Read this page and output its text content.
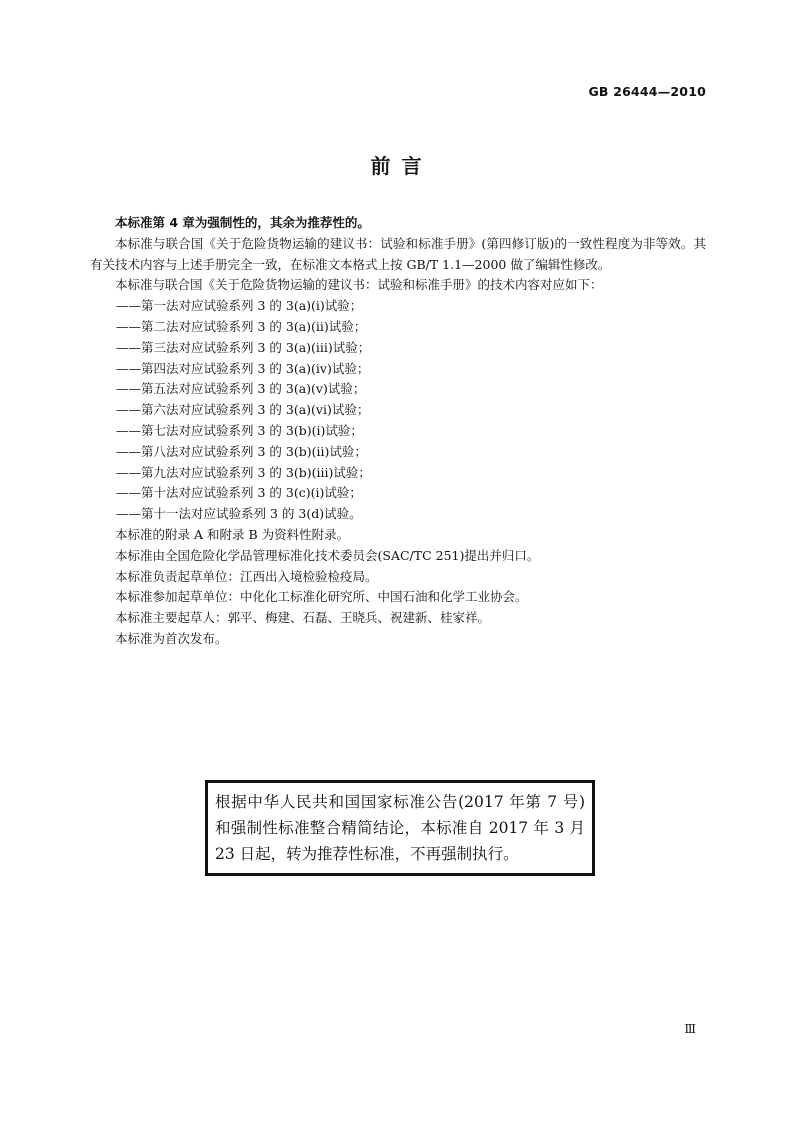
GB 26444—2010
前 言

本标准第 4 章为强制性的，其余为推荐性的。

本标准与联合国《关于危险货物运输的建议书：试验和标准手册》(第四修订版)的一致性程度为非等效。其有关技术内容与上述手册完全一致，在标准文本格式上按 GB/T 1.1—2000 做了编辑性修改。

本标准与联合国《关于危险货物运输的建议书：试验和标准手册》的技术内容对应如下：

——第一法对应试验系列 3 的 3(a)(i)试验；

——第二法对应试验系列 3 的 3(a)(ii)试验；

——第三法对应试验系列 3 的 3(a)(iii)试验；

——第四法对应试验系列 3 的 3(a)(iv)试验；

——第五法对应试验系列 3 的 3(a)(v)试验；

——第六法对应试验系列 3 的 3(a)(vi)试验；

——第七法对应试验系列 3 的 3(b)(i)试验；

——第八法对应试验系列 3 的 3(b)(ii)试验；

——第九法对应试验系列 3 的 3(b)(iii)试验；

——第十法对应试验系列 3 的 3(c)(i)试验；

——第十一法对应试验系列 3 的 3(d)试验。

本标准的附录 A 和附录 B 为资料性附录。

本标准由全国危险化学品管理标准化技术委员会(SAC/TC 251)提出并归口。

本标准负责起草单位：江西出入境检验检疫局。

本标准参加起草单位：中化化工标准化研究所、中国石油和化学工业协会。

本标准主要起草人：郭平、梅建、石磊、王晓兵、祝建新、桂家祥。

本标准为首次发布。

根据中华人民共和国国家标准公告(2017 年第 7 号)和强制性标准整合精简结论，本标准自 2017 年 3 月 23 日起，转为推荐性标准，不再强制执行。
Ⅲ
